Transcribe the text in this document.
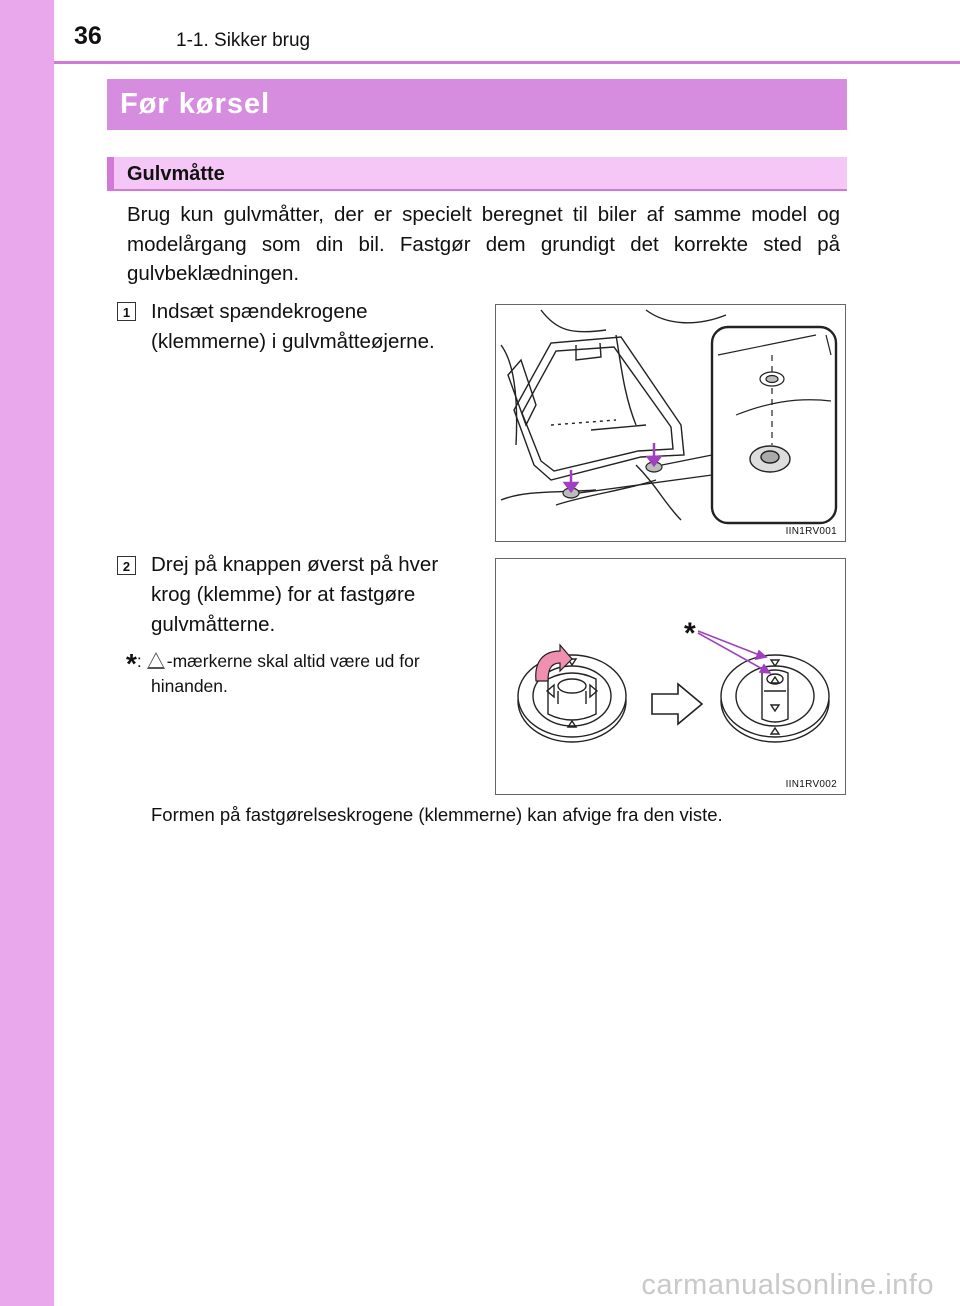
36	1-1. Sikker brug
Før kørsel
Gulvmåtte

Brug kun gulvmåtter, der er specielt beregnet til biler af samme model og modelårgang som din bil. Fastgør dem grundigt det korrekte sted på gulvbeklædningen.

1 Indsæt spændekrogene (klemmerne) i gulvmåtteøjerne.

IIN1RV001
2 Drej på knappen øverst på hver krog (klemme) for at fastgøre gulvmåtterne.

*: -mærkerne skal altid være ud for
hinanden.
*
IIN1RV002
Formen på fastgørelseskrogene (klemmerne) kan afvige fra den viste.
carmanualsonline.info
